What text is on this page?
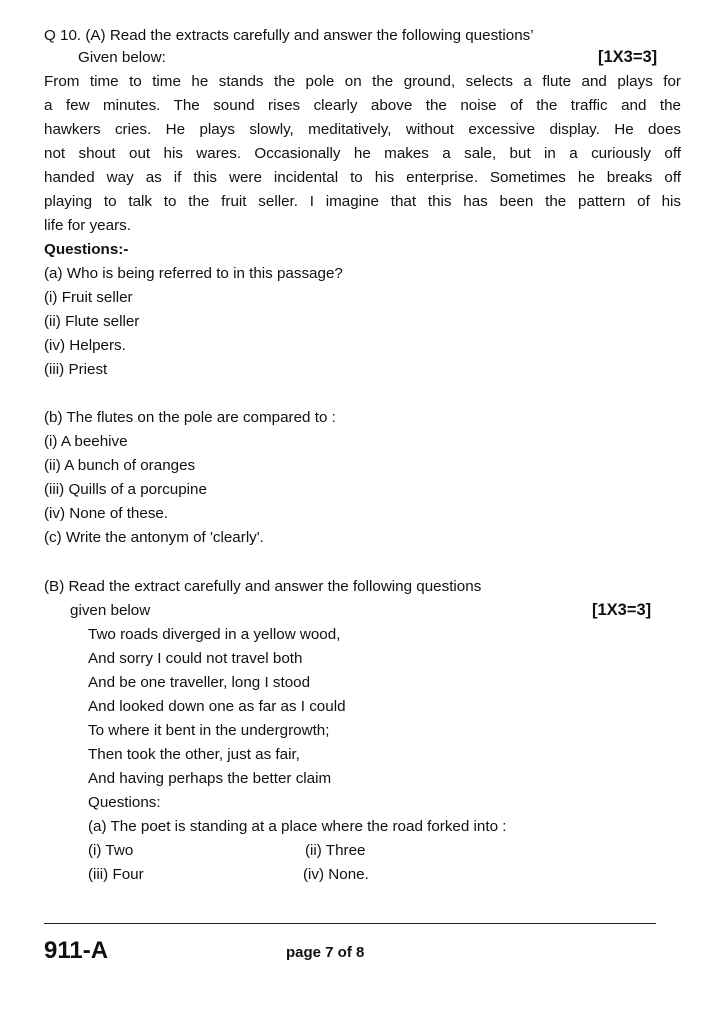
Q 10. (A) Read the extracts carefully and answer the following questions’
Given below:	[1X3=3]
From time to time he stands the pole on the ground, selects a flute and plays for
a few minutes. The sound rises clearly above the noise of the traffic and the
hawkers cries. He plays slowly, meditatively, without excessive display. He does
not shout out his wares. Occasionally he makes a sale, but in a curiously off
handed way as if this were incidental to his enterprise. Sometimes he breaks off
playing to talk to the fruit seller. I imagine that this has been the pattern of his
life for years.
Questions:-
(a) Who is being referred to in this passage?
(i) Fruit seller
(ii) Flute seller
(iv) Helpers.
(iii) Priest
(b) The flutes on the pole are compared to :
(i) A beehive
(ii) A bunch of oranges
(iii) Quills of a porcupine
(iv) None of these.
(c) Write the antonym of 'clearly'.
(B) Read the extract carefully and answer the following questions
given below	[1X3=3]
Two roads diverged in a yellow wood,
And sorry I could not travel both
And be one traveller, long I stood
And looked down one as far as I could
To where it bent in the undergrowth;
Then took the other, just as fair,
And having perhaps the better claim
Questions:
(a) The poet is standing at a place where the road forked into :
(i) Two	(ii) Three
(iii) Four	(iv) None.
911-A	page 7 of 8
